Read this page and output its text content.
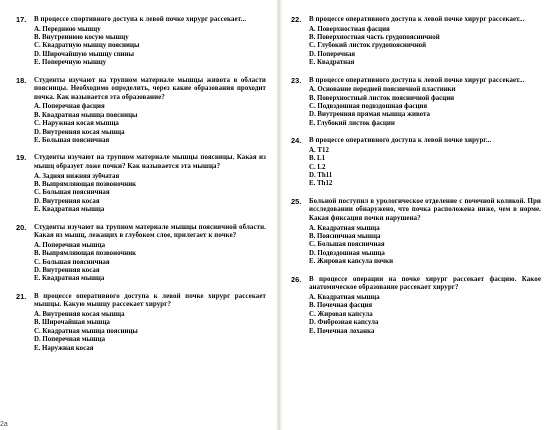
17.	В процессе спортивного доступа к левой почке хирург рассекает...
А. Переднюю мышцу
В. Внутреннюю косую мышцу
С. Квадратную мышцу поясницы
D. Широчайшую мышцу спины
Е. Поперечную мышцу
18.	Студенты изучают на трупном материале мышцы живота в области поясницы. Необходимо определить, через какие образования проходит почка. Как называется эта образование?
А. Поперечная фасция
В. Квадратная мышца поясницы
С. Наружная косая мышца
D. Внутренняя косая мышца
Е. Большая поясничная
19.	Студенты изучают на трупном материале мышцы поясницы. Какая из мышц образует ложе почки? Как называется эта мышца?
А. Задняя нижняя зубчатая
В. Выпрямляющая позвоночник
С. Большая поясничная
D. Внутренняя косая
Е. Квадратная мышца
20.	Студенты изучают на трупном материале мышцы поясничной области. Какая из мышц, лежащих в глубоком слое, прилегает к почке?
А. Поперечная мышца
В. Выпрямляющая позвоночник
С. Большая поясничная
D. Внутренняя косая
Е. Квадратная мышца
21.	В процессе оперативного доступа к левой почке хирург рассекает мышцы. Какую мышцу рассекает хирург?
А. Внутренняя косая мышца
В. Широчайшая мышца
С. Квадратная мышца поясницы
D. Поперечная мышца
Е. Наружная косая
22.	В процессе оперативного доступа к левой почке хирург рассекает...
А. Поверхностная фасция
В. Поверхностная часть грудопоясничной
С. Глубокий листок грудопоясничной
D. Поперечная
Е. Квадратная
23.	В процессе оперативного доступа к левой почке хирург рассекает...
А. Основание передней поясничной пластинки
В. Поверхностный листок поясничной фасции
С. Подвздошная подвздошная фасция
D. Внутренняя прямая мышца живота
Е. Глубокий листок фасции
24.	В процессе оперативного доступа к левой почке хирург...
А. Т12
В. L1
С. L2
D. Th11
Е. Th12
25.	Больной поступил в урологическое отделение с почечной коликой. При исследовании обнаружено, что почка расположена ниже, чем в норме. Какая фиксация почки нарушена?
А. Квадратная мышца
В. Поясничная мышца
С. Большая поясничная
D. Подвздошная мышца
Е. Жировая капсула почки
26.	В процессе операции на почке хирург рассекает фасцию. Какое анатомическое образование рассекает хирург?
А. Квадратная мышца
В. Почечная фасция
С. Жировая капсула
D. Фиброзная капсула
Е. Почечная лоханка
2а
